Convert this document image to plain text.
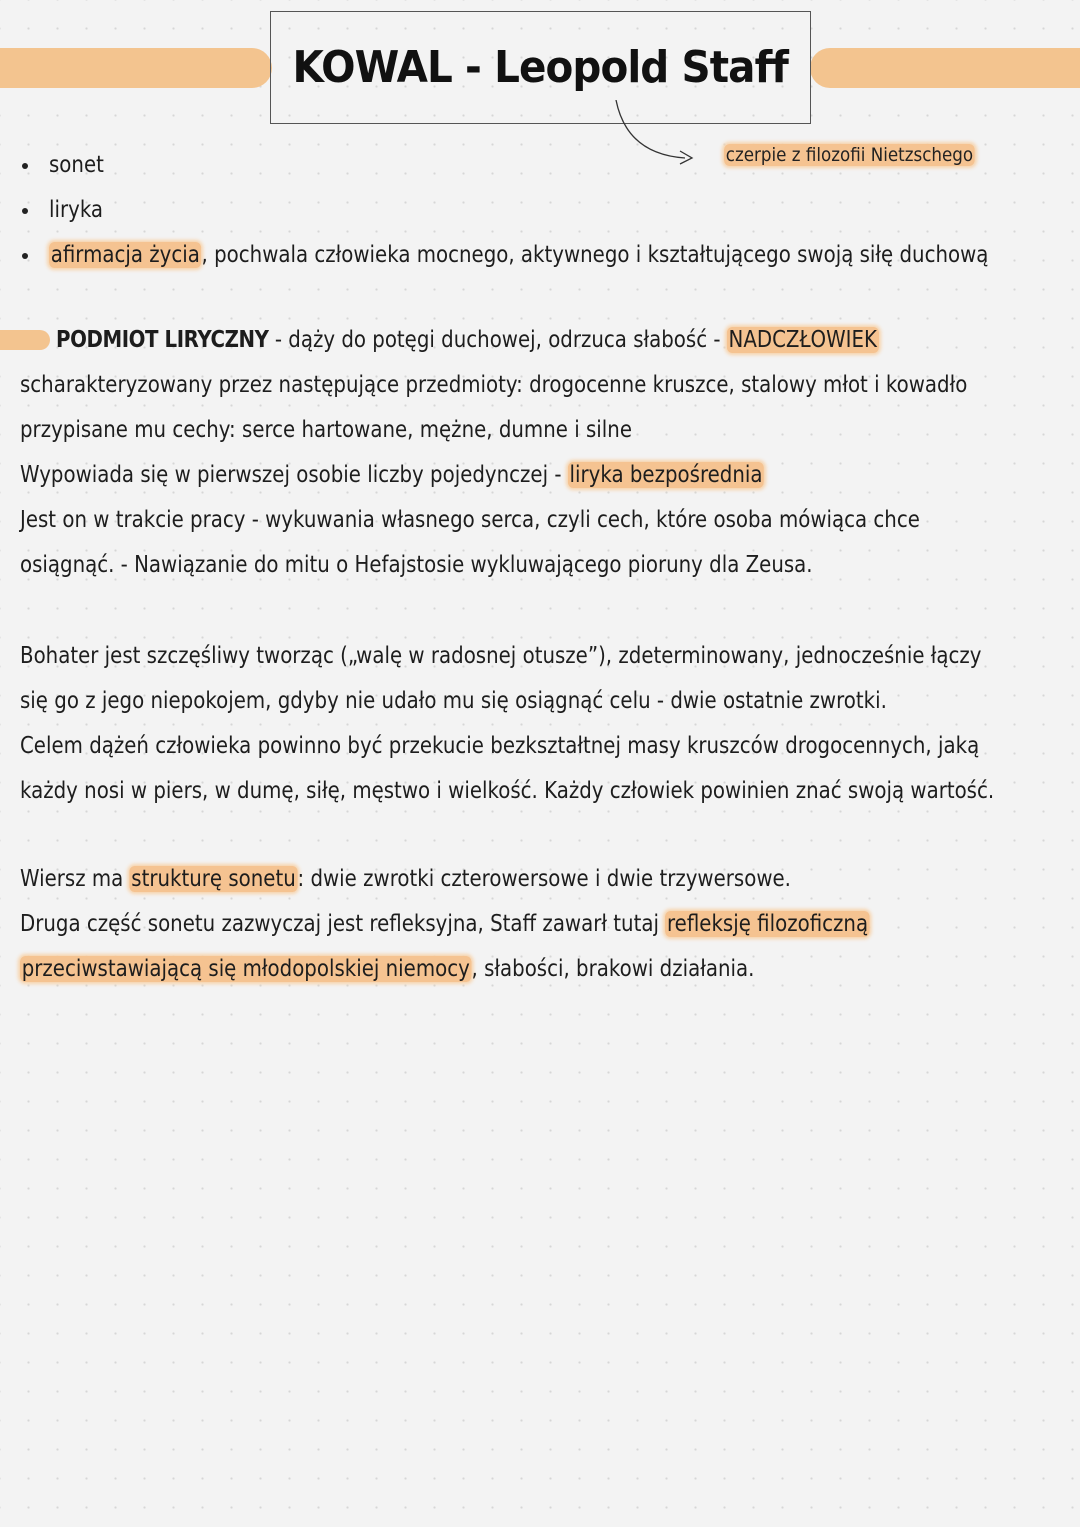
KOWAL - Leopold Staff
czerpie z filozofii Nietzschego
sonet
liryka
afirmacja życia, pochwala człowieka mocnego, aktywnego i kształtującego swoją siłę duchową
PODMIOT LIRYCZNY - dąży do potęgi duchowej, odrzuca słabość - NADCZŁOWIEK
scharakteryzowany przez następujące przedmioty: drogocenne kruszce, stalowy młot i kowadło
przypisane mu cechy: serce hartowane, mężne, dumne i silne
Wypowiada się w pierwszej osobie liczby pojedynczej - liryka bezpośrednia
Jest on w trakcie pracy - wykuwania własnego serca, czyli cech, które osoba mówiąca chce
osiągnąć. - Nawiązanie do mitu o Hefajstosie wykluwającego pioruny dla Zeusa.
Bohater jest szczęśliwy tworząc („walę w radosnej otusze”), zdeterminowany, jednocześnie łączy
się go z jego niepokojem, gdyby nie udało mu się osiągnąć celu - dwie ostatnie zwrotki.
Celem dążeń człowieka powinno być przekucie bezkształtnej masy kruszców drogocennych, jaką
każdy nosi w piers, w dumę, siłę, męstwo i wielkość. Każdy człowiek powinien znać swoją wartość.
Wiersz ma strukturę sonetu: dwie zwrotki czterowersowe i dwie trzywersowe.
Druga część sonetu zazwyczaj jest refleksyjna, Staff zawarł tutaj refleksję filozoficzną
przeciwstawiającą się młodopolskiej niemocy, słabości, brakowi działania.
